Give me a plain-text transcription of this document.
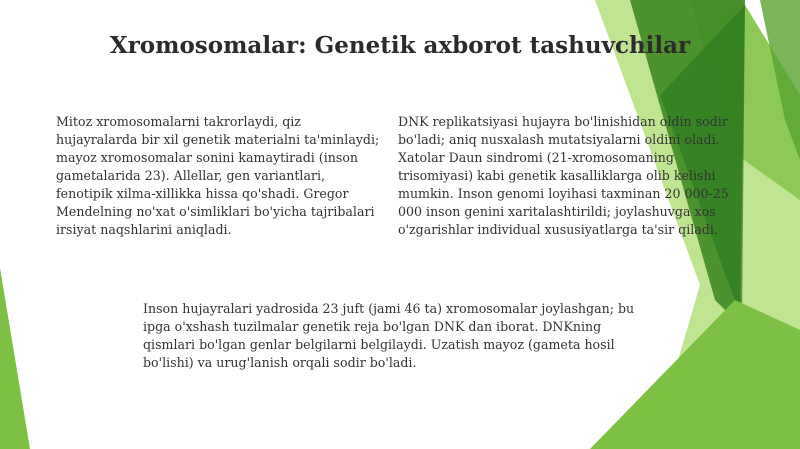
Xromosomalar: Genetik axborot tashuvchilar

Mitoz xromosomalarni takrorlaydi, qiz hujayralarda bir xil genetik materialni ta'minlaydi; mayoz xromosomalar sonini kamaytiradi (inson gametalarida 23). Allellar, gen variantlari, fenotipik xilma-xillikka hissa qo'shadi. Gregor Mendelning no'xat o'simliklari bo'yicha tajribalari irsiyat naqshlarini aniqladi.

DNK replikatsiyasi hujayra bo'linishidan oldin sodir bo'ladi; aniq nusxalash mutatsiyalarni oldini oladi. Xatolar Daun sindromi (21-xromosomaning trisomiyasi) kabi genetik kasalliklarga olib kelishi mumkin. Inson genomi loyihasi taxminan 20 000-25 000 inson genini xaritalashtirildi; joylashuvga xos o'zgarishlar individual xususiyatlarga ta'sir qiladi.

Inson hujayralari yadrosida 23 juft (jami 46 ta) xromosomalar joylashgan; bu ipga o'xshash tuzilmalar genetik reja bo'lgan DNK dan iborat. DNKning qismlari bo'lgan genlar belgilarni belgilaydi. Uzatish mayoz (gameta hosil bo'lishi) va urug'lanish orqali sodir bo'ladi.
